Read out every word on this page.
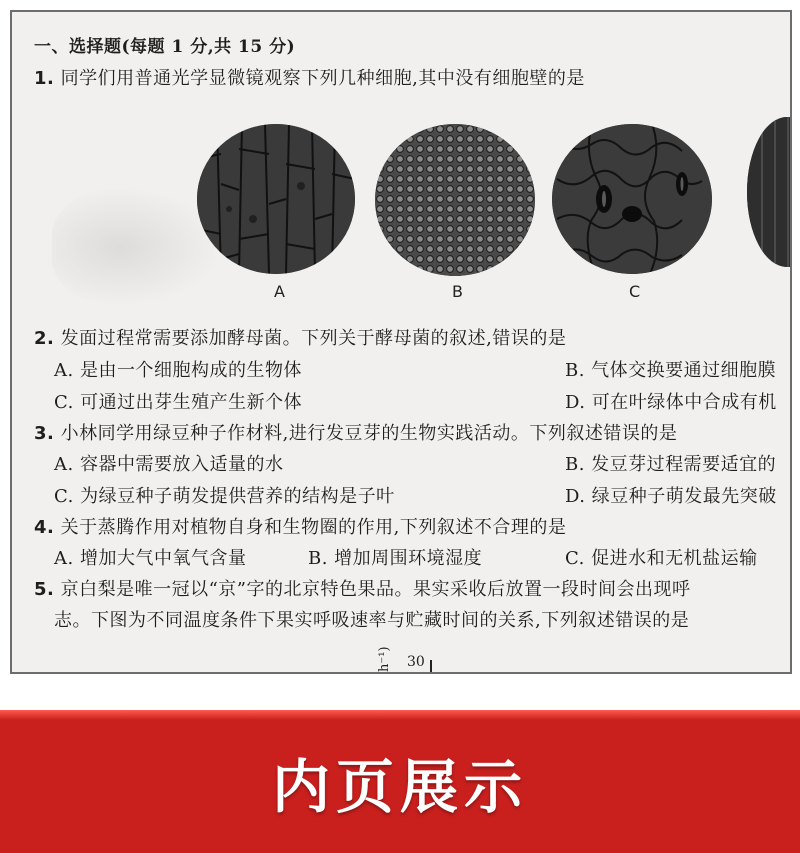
一、选择题(每题 1 分,共 15 分)
1. 同学们用普通光学显微镜观察下列几种细胞,其中没有细胞壁的是
A	B	C
2. 发面过程常需要添加酵母菌。下列关于酵母菌的叙述,错误的是
A. 是由一个细胞构成的生物体	B. 气体交换要通过细胞膜
C. 可通过出芽生殖产生新个体	D. 可在叶绿体中合成有机
3. 小林同学用绿豆种子作材料,进行发豆芽的生物实践活动。下列叙述错误的是
A. 容器中需要放入适量的水	B. 发豆芽过程需要适宜的
C. 为绿豆种子萌发提供营养的结构是子叶	D. 绿豆种子萌发最先突破
4. 关于蒸腾作用对植物自身和生物圈的作用,下列叙述不合理的是
A. 增加大气中氧气含量	B. 增加周围环境湿度	C. 促进水和无机盐运输
5. 京白梨是唯一冠以“京”字的北京特色果品。果实采收后放置一段时间会出现呼
志。下图为不同温度条件下果实呼吸速率与贮藏时间的关系,下列叙述错误的是
h⁻¹) 30
内页展示
